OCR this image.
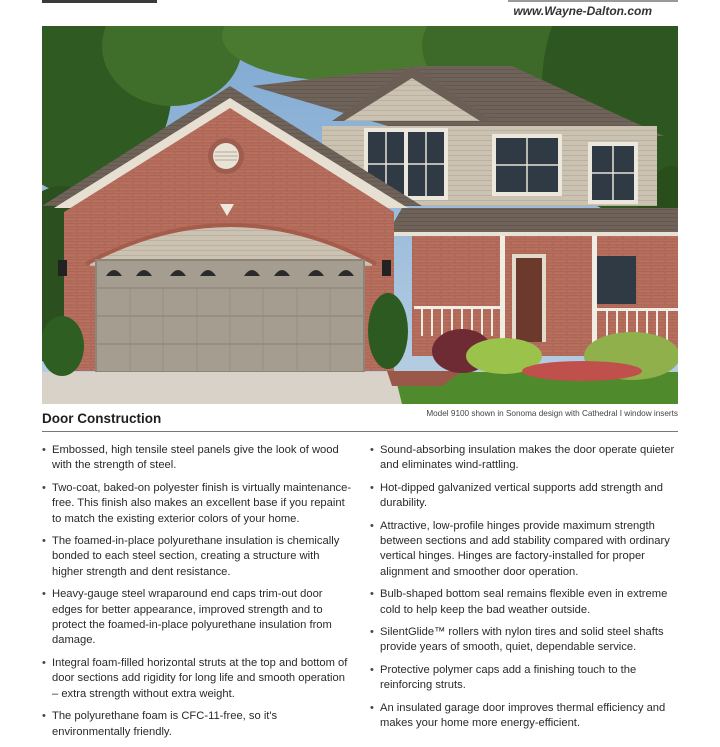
www.Wayne-Dalton.com
Door Construction	Model 9100 shown in Sonoma design with Cathedral I window inserts
• Embossed, high tensile steel panels give the look of wood with the strength of steel.
• Two-coat, baked-on polyester finish is virtually maintenance-free. This finish also makes an excellent base if you repaint to match the existing exterior colors of your home.
• The foamed-in-place polyurethane insulation is chemically bonded to each steel section, creating a structure with higher strength and dent resistance.
• Heavy-gauge steel wraparound end caps trim-out door edges for better appearance, improved strength and to protect the foamed-in-place polyurethane insulation from damage.
• Integral foam-filled horizontal struts at the top and bottom of door sections add rigidity for long life and smooth operation – extra strength without extra weight.
• The polyurethane foam is CFC-11-free, so it's environmentally friendly.
• Sound-absorbing insulation makes the door operate quieter and eliminates wind-rattling.
• Hot-dipped galvanized vertical supports add strength and durability.
• Attractive, low-profile hinges provide maximum strength between sections and add stability compared with ordinary vertical hinges. Hinges are factory-installed for proper alignment and smoother door operation.
• Bulb-shaped bottom seal remains flexible even in extreme cold to help keep the bad weather outside.
• SilentGlide™ rollers with nylon tires and solid steel shafts provide years of smooth, quiet, dependable service.
• Protective polymer caps add a finishing touch to the reinforcing struts.
• An insulated garage door improves thermal efficiency and makes your home more energy-efficient.
